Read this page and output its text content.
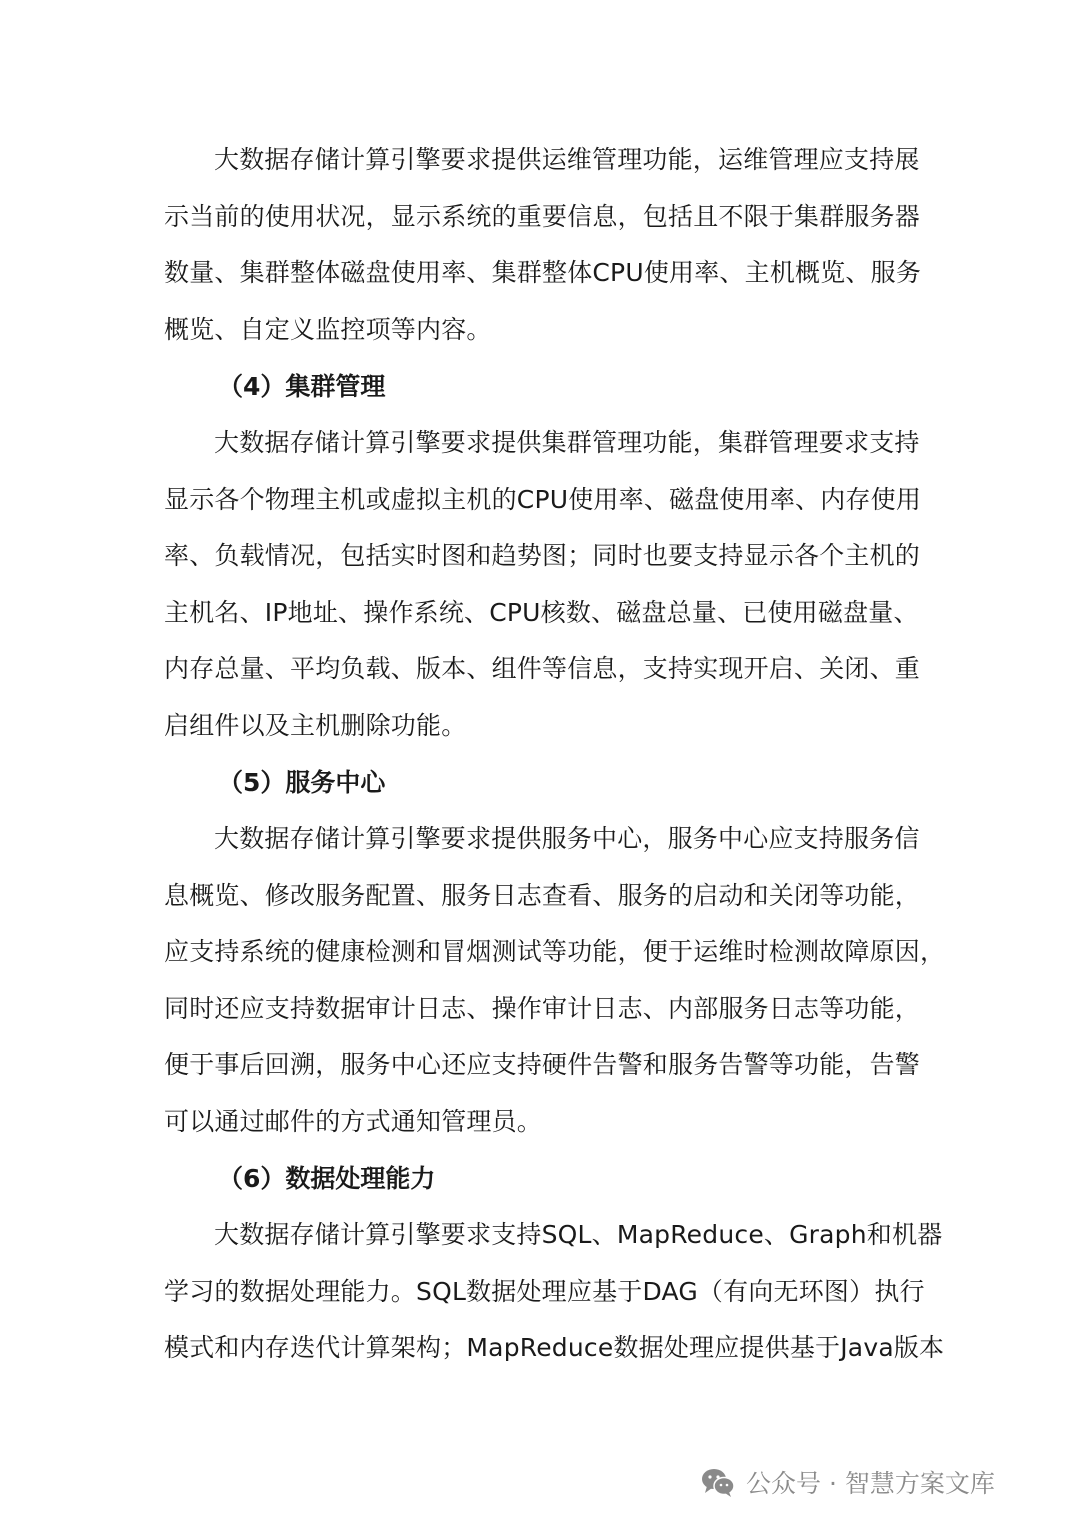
大数据存储计算引擎要求提供运维管理功能，运维管理应支持展
示当前的使用状况，显示系统的重要信息，包括且不限于集群服务器
数量、集群整体磁盘使用率、集群整体CPU使用率、主机概览、服务
概览、自定义监控项等内容。
（4）集群管理
大数据存储计算引擎要求提供集群管理功能，集群管理要求支持
显示各个物理主机或虚拟主机的CPU使用率、磁盘使用率、内存使用
率、负载情况，包括实时图和趋势图；同时也要支持显示各个主机的
主机名、IP地址、操作系统、CPU核数、磁盘总量、已使用磁盘量、
内存总量、平均负载、版本、组件等信息，支持实现开启、关闭、重
启组件以及主机删除功能。
（5）服务中心
大数据存储计算引擎要求提供服务中心，服务中心应支持服务信
息概览、修改服务配置、服务日志查看、服务的启动和关闭等功能，
应支持系统的健康检测和冒烟测试等功能，便于运维时检测故障原因，
同时还应支持数据审计日志、操作审计日志、内部服务日志等功能，
便于事后回溯，服务中心还应支持硬件告警和服务告警等功能，告警
可以通过邮件的方式通知管理员。
（6）数据处理能力
大数据存储计算引擎要求支持SQL、MapReduce、Graph和机器
学习的数据处理能力。SQL数据处理应基于DAG（有向无环图）执行
模式和内存迭代计算架构；MapReduce数据处理应提供基于Java版本
公众号 · 智慧方案文库
